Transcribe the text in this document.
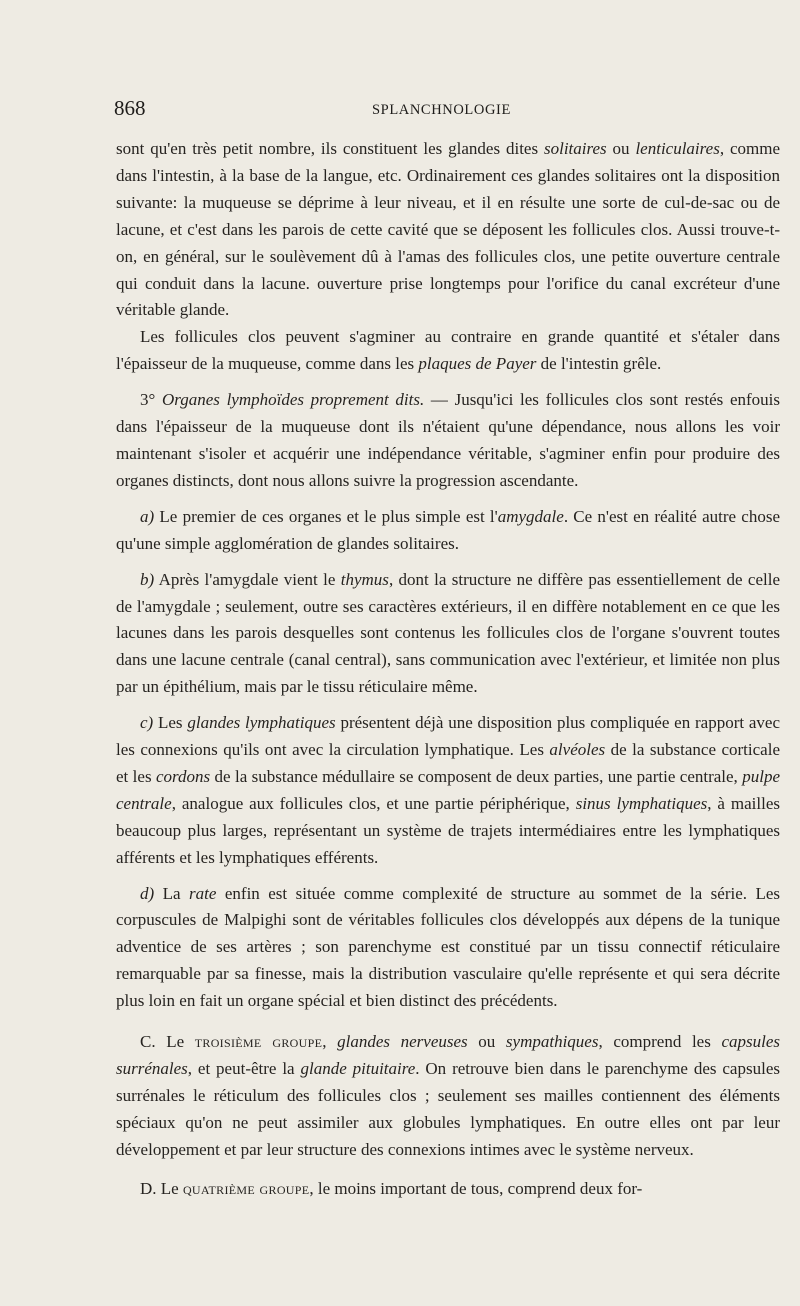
868	SPLANCHNOLOGIE

sont qu'en très petit nombre, ils constituent les glandes dites solitaires ou lenticulaires, comme dans l'intestin, à la base de la langue, etc. Ordinairement ces glandes solitaires ont la disposition suivante: la muqueuse se déprime à leur niveau, et il en résulte une sorte de cul-de-sac ou de lacune, et c'est dans les parois de cette cavité que se déposent les follicules clos. Aussi trouve-t-on, en général, sur le soulèvement dû à l'amas des follicules clos, une petite ouverture centrale qui conduit dans la lacune. ouverture prise longtemps pour l'orifice du canal excréteur d'une véritable glande.

Les follicules clos peuvent s'agminer au contraire en grande quantité et s'étaler dans l'épaisseur de la muqueuse, comme dans les plaques de Payer de l'intestin grêle.

3° Organes lymphoïdes proprement dits. — Jusqu'ici les follicules clos sont restés enfouis dans l'épaisseur de la muqueuse dont ils n'étaient qu'une dépendance, nous allons les voir maintenant s'isoler et acquérir une indépendance véritable, s'agminer enfin pour produire des organes distincts, dont nous allons suivre la progression ascendante.

a) Le premier de ces organes et le plus simple est l'amygdale. Ce n'est en réalité autre chose qu'une simple agglomération de glandes solitaires.

b) Après l'amygdale vient le thymus, dont la structure ne diffère pas essentiellement de celle de l'amygdale ; seulement, outre ses caractères extérieurs, il en diffère notablement en ce que les lacunes dans les parois desquelles sont contenus les follicules clos de l'organe s'ouvrent toutes dans une lacune centrale (canal central), sans communication avec l'extérieur, et limitée non plus par un épithélium, mais par le tissu réticulaire même.

c) Les glandes lymphatiques présentent déjà une disposition plus compliquée en rapport avec les connexions qu'ils ont avec la circulation lymphatique. Les alvéoles de la substance corticale et les cordons de la substance médullaire se composent de deux parties, une partie centrale, pulpe centrale, analogue aux follicules clos, et une partie périphérique, sinus lymphatiques, à mailles beaucoup plus larges, représentant un système de trajets intermédiaires entre les lymphatiques afférents et les lymphatiques efférents.

d) La rate enfin est située comme complexité de structure au sommet de la série. Les corpuscules de Malpighi sont de véritables follicules clos développés aux dépens de la tunique adventice de ses artères ; son parenchyme est constitué par un tissu connectif réticulaire remarquable par sa finesse, mais la distribution vasculaire qu'elle représente et qui sera décrite plus loin en fait un organe spécial et bien distinct des précédents.

C. Le troisième groupe, glandes nerveuses ou sympathiques, comprend les capsules surrénales, et peut-être la glande pituitaire. On retrouve bien dans le parenchyme des capsules surrénales le réticulum des follicules clos ; seulement ses mailles contiennent des éléments spéciaux qu'on ne peut assimiler aux globules lymphatiques. En outre elles ont par leur développement et par leur structure des connexions intimes avec le système nerveux.

D. Le quatrième groupe, le moins important de tous, comprend deux for-
